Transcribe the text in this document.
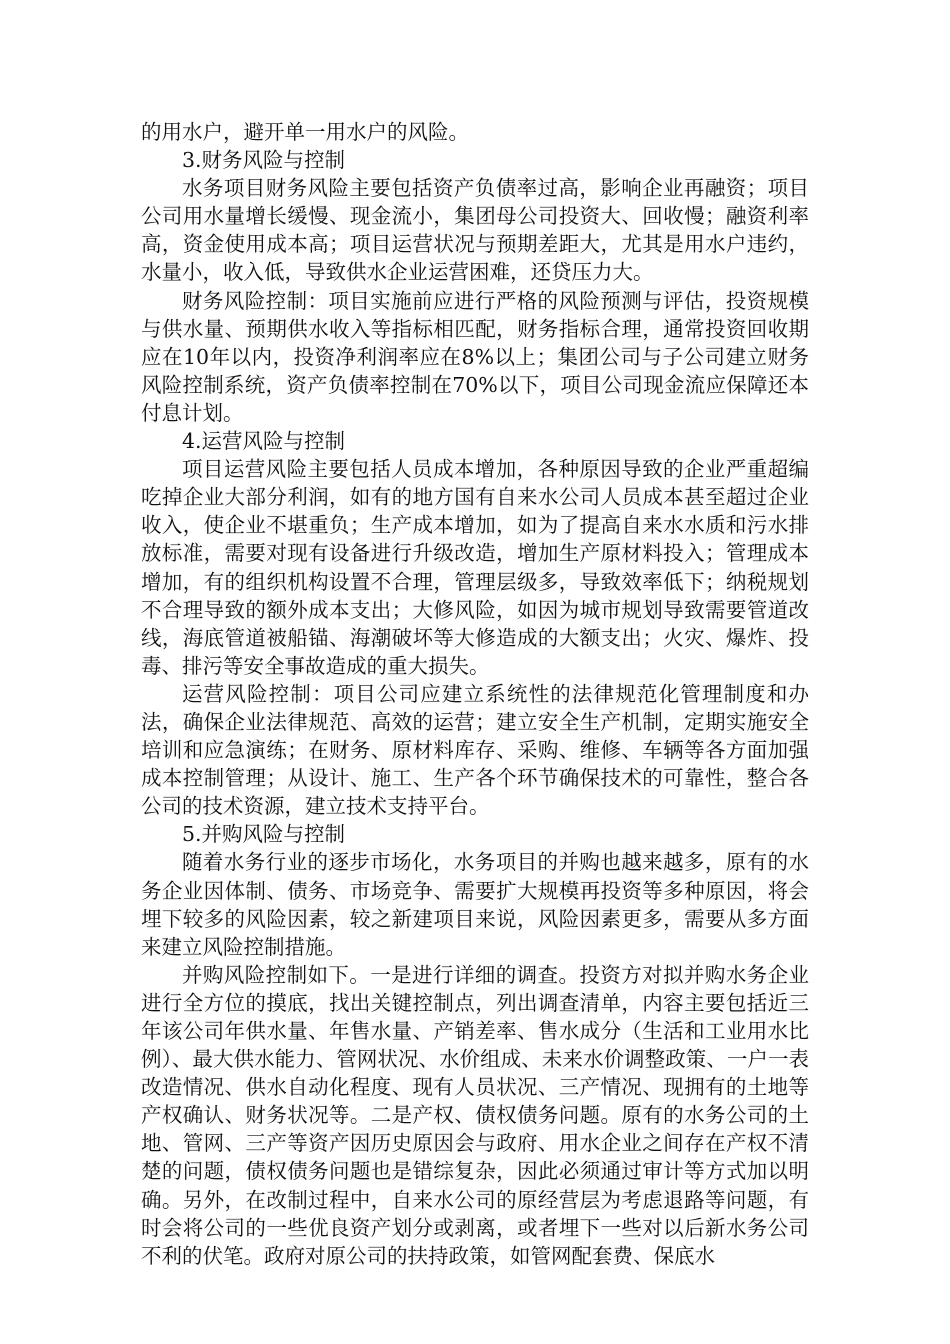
的用水户，避开单一用水户的风险。

3.财务风险与控制

水务项目财务风险主要包括资产负债率过高，影响企业再融资；项目公司用水量增长缓慢、现金流小，集团母公司投资大、回收慢；融资利率高，资金使用成本高；项目运营状况与预期差距大，尤其是用水户违约，水量小，收入低，导致供水企业运营困难，还贷压力大。

财务风险控制：项目实施前应进行严格的风险预测与评估，投资规模与供水量、预期供水收入等指标相匹配，财务指标合理，通常投资回收期应在10年以内，投资净利润率应在8%以上；集团公司与子公司建立财务风险控制系统，资产负债率控制在70%以下，项目公司现金流应保障还本付息计划。

4.运营风险与控制

项目运营风险主要包括人员成本增加，各种原因导致的企业严重超编吃掉企业大部分利润，如有的地方国有自来水公司人员成本甚至超过企业收入，使企业不堪重负；生产成本增加，如为了提高自来水水质和污水排放标准，需要对现有设备进行升级改造，增加生产原材料投入；管理成本增加，有的组织机构设置不合理，管理层级多，导致效率低下；纳税规划不合理导致的额外成本支出；大修风险，如因为城市规划导致需要管道改线，海底管道被船锚、海潮破坏等大修造成的大额支出；火灾、爆炸、投毒、排污等安全事故造成的重大损失。

运营风险控制：项目公司应建立系统性的法律规范化管理制度和办法，确保企业法律规范、高效的运营；建立安全生产机制，定期实施安全培训和应急演练；在财务、原材料库存、采购、维修、车辆等各方面加强成本控制管理；从设计、施工、生产各个环节确保技术的可靠性，整合各公司的技术资源，建立技术支持平台。

5.并购风险与控制

随着水务行业的逐步市场化，水务项目的并购也越来越多，原有的水务企业因体制、债务、市场竞争、需要扩大规模再投资等多种原因，将会埋下较多的风险因素，较之新建项目来说，风险因素更多，需要从多方面来建立风险控制措施。

并购风险控制如下。一是进行详细的调查。投资方对拟并购水务企业进行全方位的摸底，找出关键控制点，列出调查清单，内容主要包括近三年该公司年供水量、年售水量、产销差率、售水成分（生活和工业用水比例）、最大供水能力、管网状况、水价组成、未来水价调整政策、一户一表改造情况、供水自动化程度、现有人员状况、三产情况、现拥有的土地等产权确认、财务状况等。二是产权、债权债务问题。原有的水务公司的土地、管网、三产等资产因历史原因会与政府、用水企业之间存在产权不清楚的问题，债权债务问题也是错综复杂，因此必须通过审计等方式加以明确。另外，在改制过程中，自来水公司的原经营层为考虑退路等问题，有时会将公司的一些优良资产划分或剥离，或者埋下一些对以后新水务公司不利的伏笔。政府对原公司的扶持政策，如管网配套费、保底水
